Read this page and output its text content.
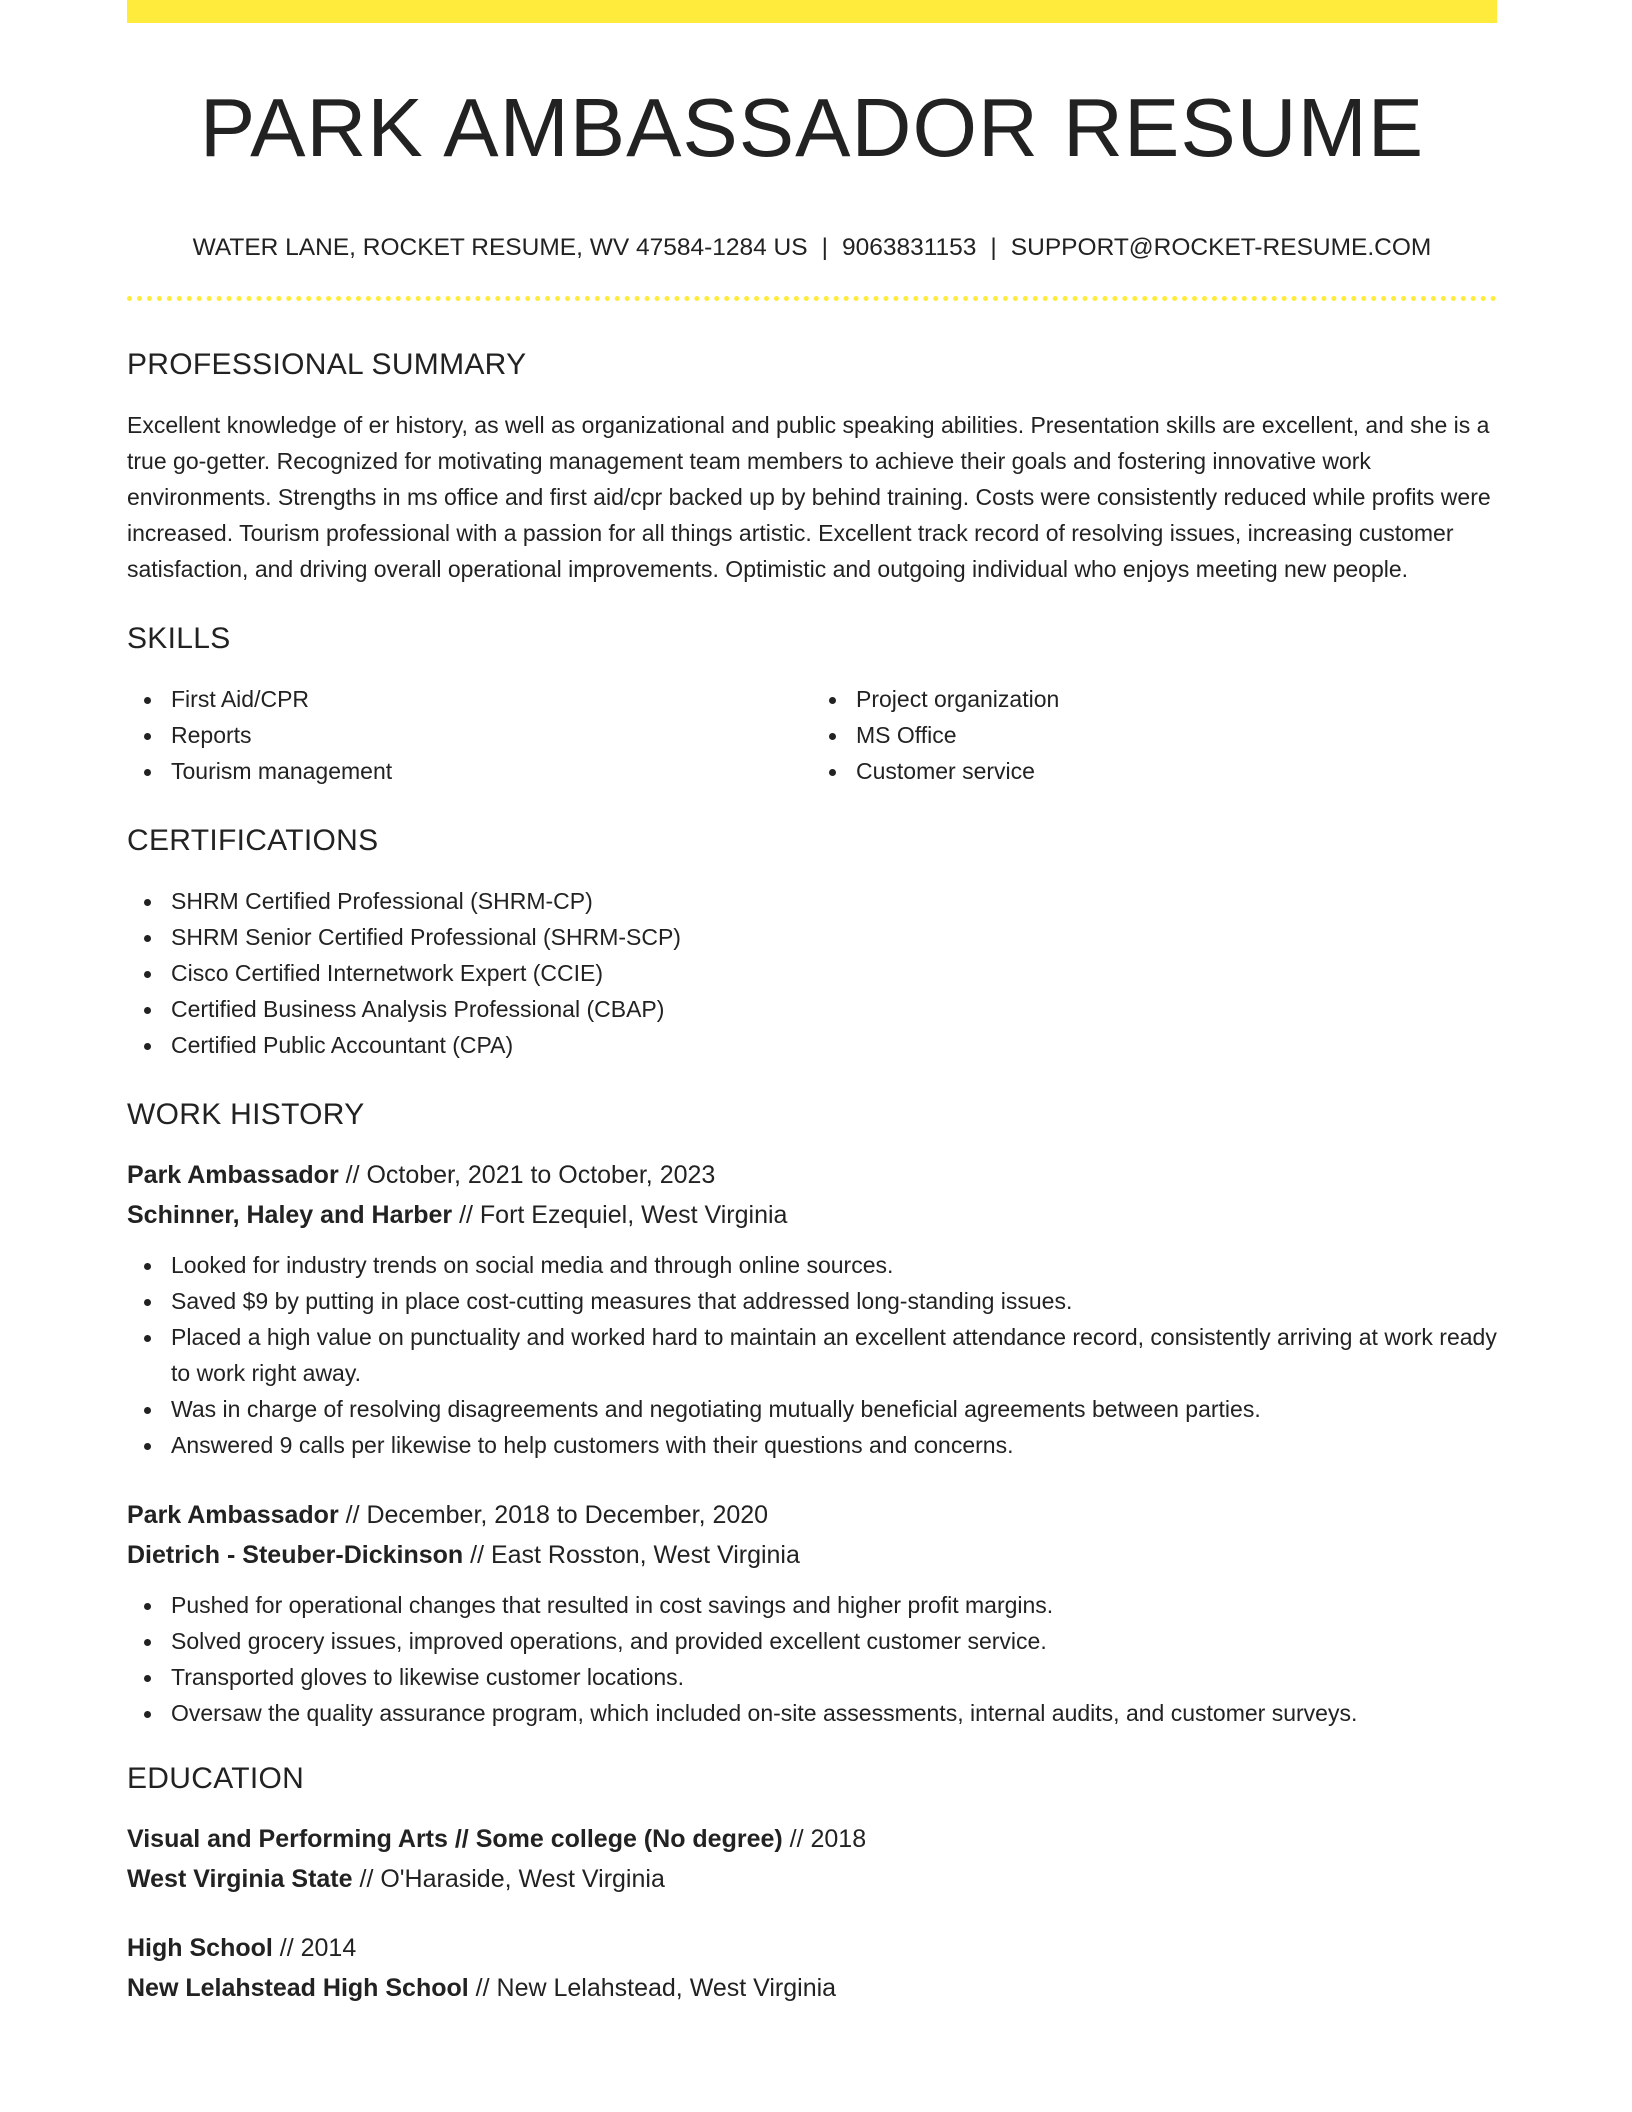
PARK AMBASSADOR RESUME
WATER LANE, ROCKET RESUME, WV 47584-1284 US | 9063831153 | SUPPORT@ROCKET-RESUME.COM
PROFESSIONAL SUMMARY

Excellent knowledge of er history, as well as organizational and public speaking abilities. Presentation skills are excellent, and she is a true go-getter. Recognized for motivating management team members to achieve their goals and fostering innovative work environments. Strengths in ms office and first aid/cpr backed up by behind training. Costs were consistently reduced while profits were increased. Tourism professional with a passion for all things artistic. Excellent track record of resolving issues, increasing customer satisfaction, and driving overall operational improvements. Optimistic and outgoing individual who enjoys meeting new people.

SKILLS
First Aid/CPR
Reports
Tourism management
Project organization
MS Office
Customer service
CERTIFICATIONS
SHRM Certified Professional (SHRM-CP)
SHRM Senior Certified Professional (SHRM-SCP)
Cisco Certified Internetwork Expert (CCIE)
Certified Business Analysis Professional (CBAP)
Certified Public Accountant (CPA)
WORK HISTORY
Park Ambassador // October, 2021 to October, 2023
Schinner, Haley and Harber // Fort Ezequiel, West Virginia
Looked for industry trends on social media and through online sources.
Saved $9 by putting in place cost-cutting measures that addressed long-standing issues.
Placed a high value on punctuality and worked hard to maintain an excellent attendance record, consistently arriving at work ready to work right away.
Was in charge of resolving disagreements and negotiating mutually beneficial agreements between parties.
Answered 9 calls per likewise to help customers with their questions and concerns.
Park Ambassador // December, 2018 to December, 2020
Dietrich - Steuber-Dickinson // East Rosston, West Virginia
Pushed for operational changes that resulted in cost savings and higher profit margins.
Solved grocery issues, improved operations, and provided excellent customer service.
Transported gloves to likewise customer locations.
Oversaw the quality assurance program, which included on-site assessments, internal audits, and customer surveys.
EDUCATION
Visual and Performing Arts // Some college (No degree) // 2018
West Virginia State // O'Haraside, West Virginia
High School // 2014
New Lelahstead High School // New Lelahstead, West Virginia
